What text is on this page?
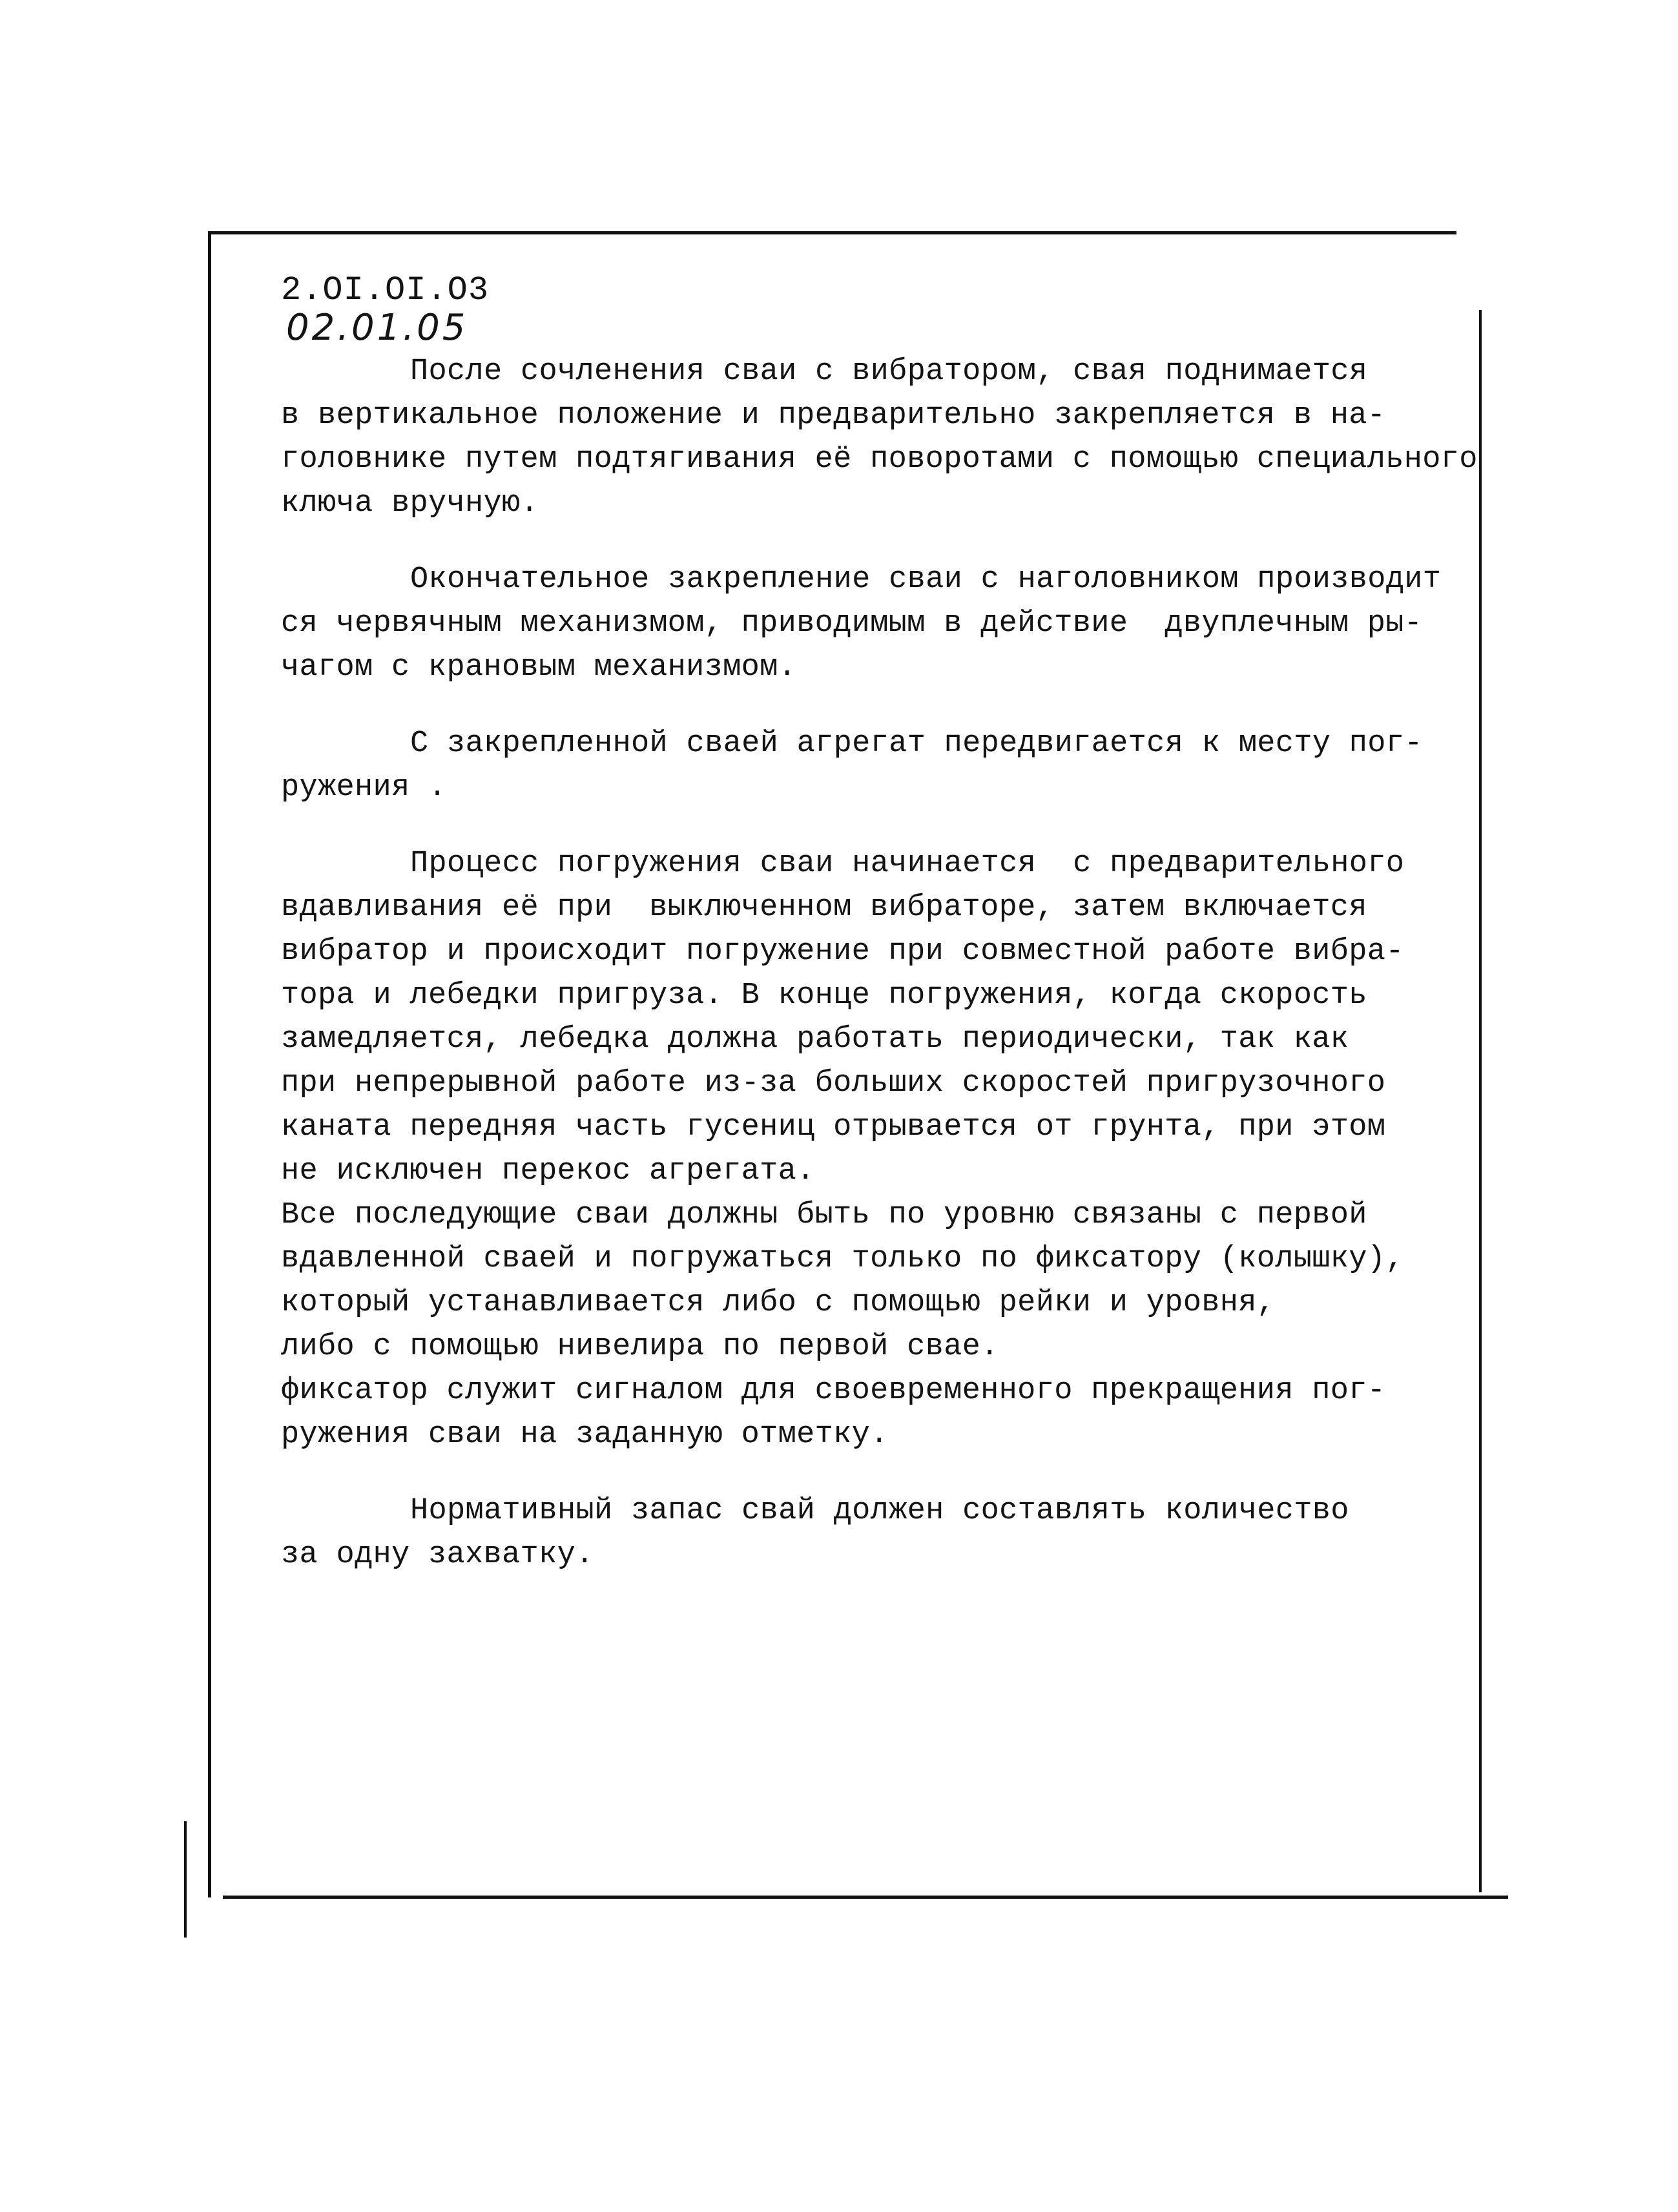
2.OI.OI.O3
02.01.05
После сочленения сваи с вибратором, свая поднимается
в вертикальное положение и предварительно закрепляется в на-
головнике путем подтягивания её поворотами с помощью специального
ключа вручную.
Окончательное закрепление сваи с наголовником производит
ся червячным механизмом, приводимым в действие  двуплечным ры-
чагом с крановым механизмом.
С закрепленной сваей агрегат передвигается к месту пог-
ружения .
Процесс погружения сваи начинается  с предварительного
вдавливания её при  выключенном вибраторе, затем включается
вибратор и происходит погружение при совместной работе вибра-
тора и лебедки пригруза. В конце погружения, когда скорость
замедляется, лебедка должна работать периодически, так как
при непрерывной работе из-за больших скоростей пригрузочного
каната передняя часть гусениц отрывается от грунта, при этом
не исключен перекос агрегата.
Все последующие сваи должны быть по уровню связаны с первой
вдавленной сваей и погружаться только по фиксатору (колышку),
который устанавливается либо с помощью рейки и уровня,
либо с помощью нивелира по первой свае.
фиксатор служит сигналом для своевременного прекращения пог-
ружения сваи на заданную отметку.
Нормативный запас свай должен составлять количество
за одну захватку.
